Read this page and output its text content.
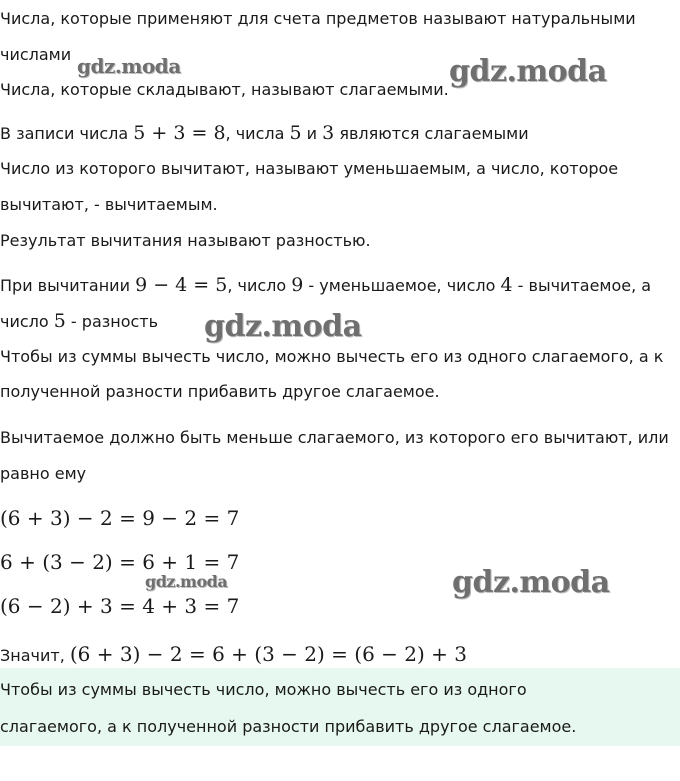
Числа, которые применяют для счета предметов называют натуральными
числами
Числа, которые складывают, называют слагаемыми.
В записи числа 5 + 3 = 8, числа 5 и 3 являются слагаемыми
Число из которого вычитают, называют уменьшаемым, а число, которое
вычитают, - вычитаемым.
Результат вычитания называют разностью.
При вычитании 9 − 4 = 5, число 9 - уменьшаемое, число 4 - вычитаемое, а
число 5 - разность
Чтобы из суммы вычесть число, можно вычесть его из одного слагаемого, а к
полученной разности прибавить другое слагаемое.
Вычитаемое должно быть меньше слагаемого, из которого его вычитают, или
равно ему
(6 + 3) − 2 = 9 − 2 = 7
6 + (3 − 2) = 6 + 1 = 7
(6 − 2) + 3 = 4 + 3 = 7
Значит, (6 + 3) − 2 = 6 + (3 − 2) = (6 − 2) + 3
Чтобы из суммы вычесть число, можно вычесть его из одного
слагаемого, а к полученной разности прибавить другое слагаемое.
gdz.moda	gdz.moda
gdz.moda
gdz.moda	gdz.moda
